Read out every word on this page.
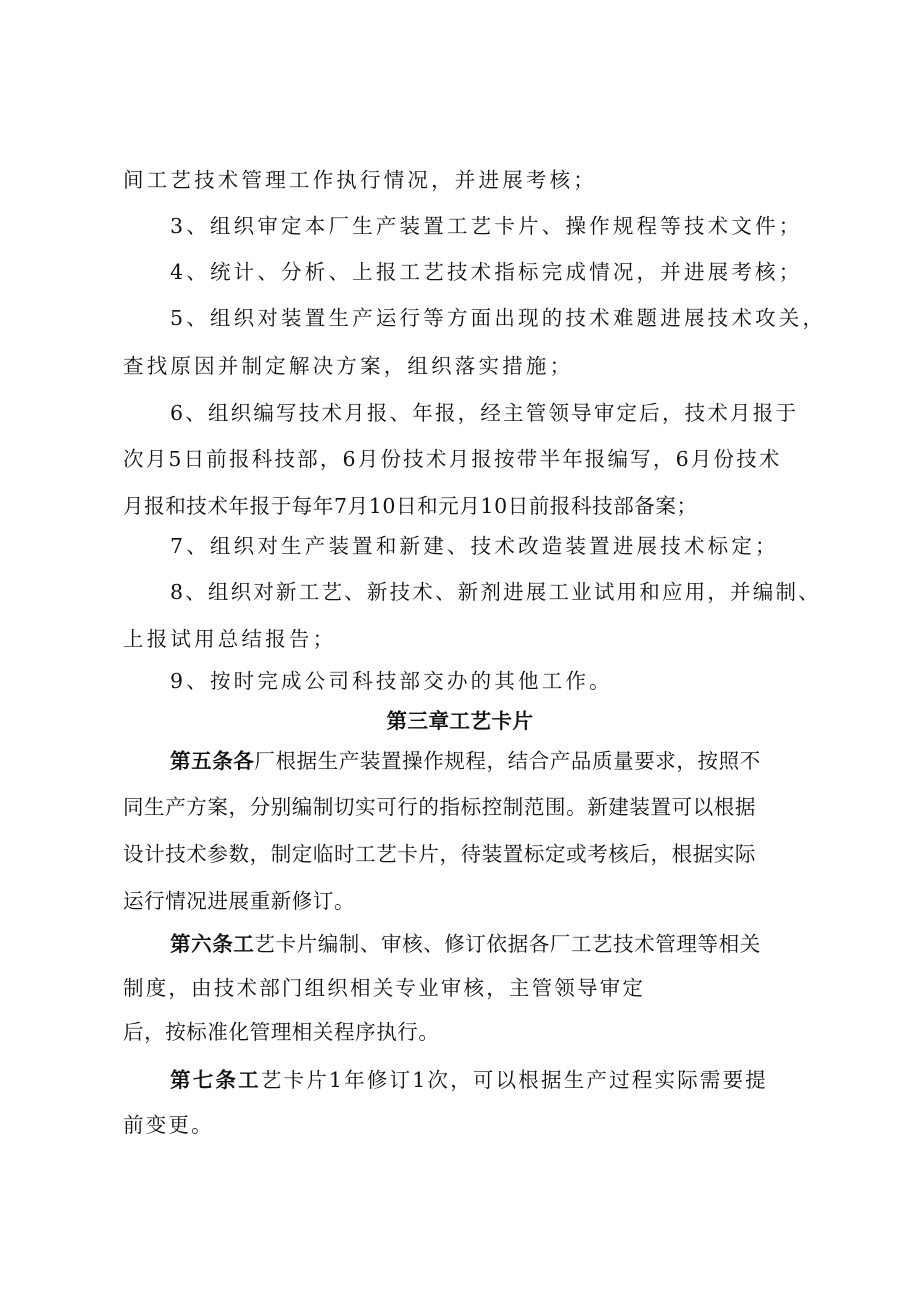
间工艺技术管理工作执行情况，并进展考核；
3、组织审定本厂生产装置工艺卡片、操作规程等技术文件；
4、统计、分析、上报工艺技术指标完成情况，并进展考核；
5、组织对装置生产运行等方面出现的技术难题进展技术攻关，
查找原因并制定解决方案，组织落实措施；
6、组织编写技术月报、年报，经主管领导审定后，技术月报于
次月5日前报科技部，6月份技术月报按带半年报编写，6月份技术
月报和技术年报于每年7月10日和元月10日前报科技部备案；
7、组织对生产装置和新建、技术改造装置进展技术标定；
8、组织对新工艺、新技术、新剂进展工业试用和应用，并编制、
上报试用总结报告；
9、按时完成公司科技部交办的其他工作。
第三章工艺卡片
第五条各厂根据生产装置操作规程，结合产品质量要求，按照不
同生产方案，分别编制切实可行的指标控制范围。新建装置可以根据
设计技术参数，制定临时工艺卡片，待装置标定或考核后，根据实际
运行情况进展重新修订。
第六条工艺卡片编制、审核、修订依据各厂工艺技术管理等相关
制度，由技术部门组织相关专业审核，主管领导审定
后，按标准化管理相关程序执行。
第七条工艺卡片1年修订1次，可以根据生产过程实际需要提
前变更。
